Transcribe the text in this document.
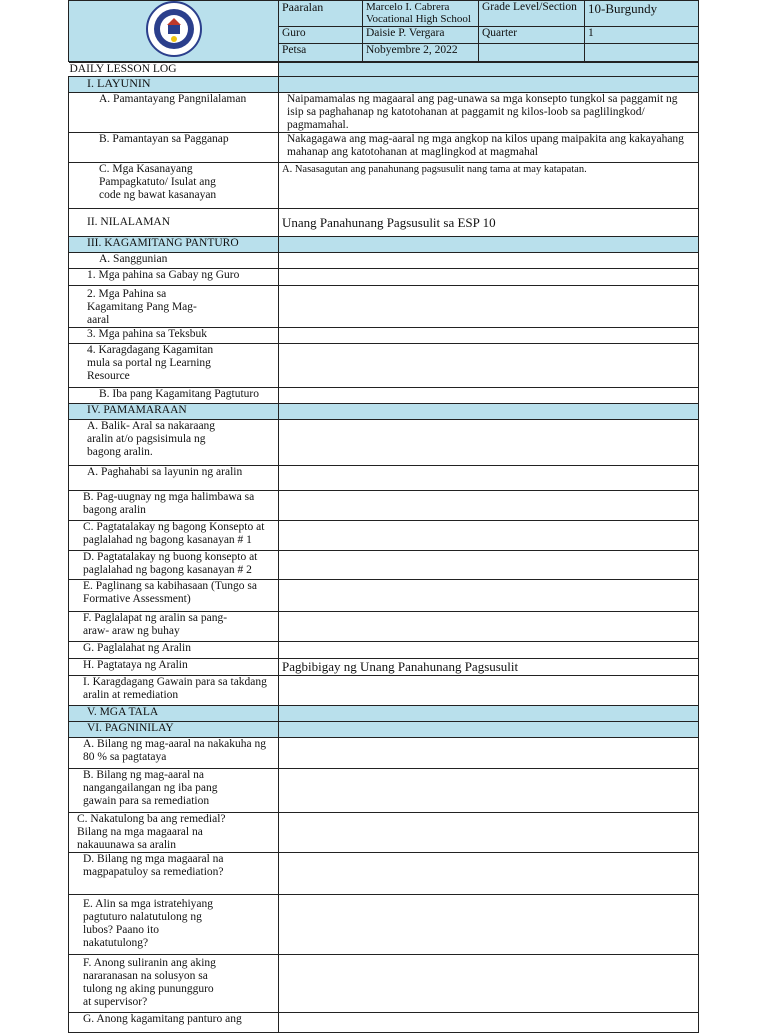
	Paaralan	Marcelo I. Cabrera Vocational High School	Grade Level/Section	10-Burgundy
	Guro	Daisie P. Vergara	Quarter	1
	Petsa	Nobyembre 2, 2022		
DAILY LESSON LOG	
I. LAYUNIN	
A. Pamantayang Pangnilalaman	Naipamamalas ng magaaral ang pag-unawa sa mga konsepto tungkol sa paggamit ng isip sa paghahanap ng katotohanan at paggamit ng kilos-loob sa paglilingkod/ pagmamahal.
B. Pamantayan sa Pagganap	Nakagagawa ang mag-aaral ng mga angkop na kilos upang maipakita ang kakayahang mahanap ang katotohanan at maglingkod at magmahal
C. Mga Kasanayang Pampagkatuto/ Isulat ang code ng bawat kasanayan	A. Nasasagutan ang panahunang pagsusulit nang tama at may katapatan.
II. NILALAMAN	Unang Panahunang Pagsusulit sa ESP 10
III. KAGAMITANG PANTURO	
A. Sanggunian	
1. Mga pahina sa Gabay ng Guro	
2. Mga Pahina sa Kagamitang Pang Mag- aaral	
3. Mga pahina sa Teksbuk	
4. Karagdagang Kagamitan mula sa portal ng Learning Resource	
B. Iba pang Kagamitang Pagtuturo	
IV. PAMAMARAAN	
A. Balik- Aral sa nakaraang aralin at/o pagsisimula ng bagong aralin.	
A. Paghahabi sa layunin ng aralin	
B. Pag-uugnay ng mga halimbawa sa bagong aralin	
C. Pagtatalakay ng bagong Konsepto at paglalahad ng bagong kasanayan # 1	
D. Pagtatalakay ng buong konsepto at paglalahad ng bagong kasanayan # 2	
E. Paglinang sa kabihasaan (Tungo sa Formative Assessment)	
F. Paglalapat ng aralin sa pang- araw- araw ng buhay	
G. Paglalahat ng Aralin	
H. Pagtataya ng Aralin	Pagbibigay ng Unang Panahunang Pagsusulit
I. Karagdagang Gawain para sa takdang aralin at remediation	
V. MGA TALA	
VI. PAGNINILAY	
A. Bilang ng mag-aaral na nakakuha ng 80 % sa pagtataya	
B. Bilang ng mag-aaral na nangangailangan ng iba pang gawain para sa remediation	
C. Nakatulong ba ang remedial? Bilang na mga magaaral na nakauunawa sa aralin	
D. Bilang ng mga magaaral na magpapatuloy sa remediation?	
E. Alin sa mga istratehiyang pagtuturo nalatutulong ng lubos? Paano ito nakatutulong?	
F. Anong suliranin ang aking nararanasan na solusyon sa tulong ng aking punungguro at supervisor?	
G. Anong kagamitang panturo ang	
